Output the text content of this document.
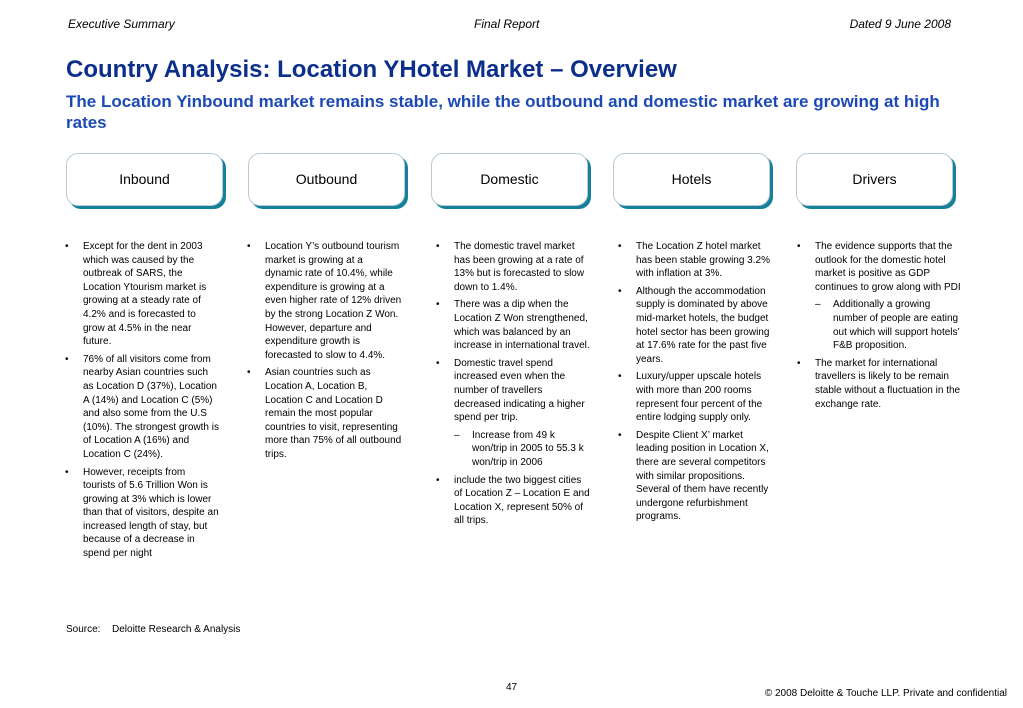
Executive Summary	Final Report	Dated 9 June 2008
Country Analysis: Location YHotel Market – Overview

The Location Yinbound market remains stable, while the outbound and domestic market are growing at high rates

Inbound	Outbound	Domestic	Hotels	Drivers
• Except for the dent in 2003 which was caused by the outbreak of SARS, the Location Ytourism market is growing at a steady rate of 4.2% and is forecasted to grow at 4.5% in the near future.
• 76% of all visitors come from nearby Asian countries such as Location D (37%), Location A (14%) and Location C (5%) and also some from the U.S (10%). The strongest growth is of Location A (16%) and Location C (24%).
• However, receipts from tourists of 5.6 Trillion Won is growing at 3% which is lower than that of visitors, despite an increased length of stay, but because of a decrease in spend per night
• Location Y’s outbound tourism market is growing at a dynamic rate of 10.4%, while expenditure is growing at a even higher rate of 12% driven by the strong Location Z Won. However, departure and expenditure growth is forecasted to slow to 4.4%.
• Asian countries such as Location A, Location B, Location C and Location D remain the most popular countries to visit, representing more than 75% of all outbound trips.
• The domestic travel market has been growing at a rate of 13% but is forecasted to slow down to 1.4%.
• There was a dip when the Location Z Won strengthened, which was balanced by an increase in international travel.
• Domestic travel spend increased even when the number of travellers decreased indicating a higher spend per trip.
– Increase from 49 k won/trip in 2005 to 55.3 k won/trip in 2006
• include the two biggest cities of Location Z – Location E and Location X, represent 50% of all trips.
• The Location Z hotel market has been stable growing 3.2% with inflation at 3%.
• Although the accommodation supply is dominated by above mid-market hotels, the budget hotel sector has been growing at 17.6% rate for the past five years.
• Luxury/upper upscale hotels with more than 200 rooms represent four percent of the entire lodging supply only.
• Despite Client X’ market leading position in Location X, there are several competitors with similar propositions. Several of them have recently undergone refurbishment programs.
• The evidence supports that the outlook for the domestic hotel market is positive as GDP continues to grow along with PDI
– Additionally a growing number of people are eating out which will support hotels’ F&B proposition.
• The market for international travellers is likely to be remain stable without a fluctuation in the exchange rate.
Source: Deloitte Research & Analysis
47
© 2008 Deloitte & Touche LLP. Private and confidential
